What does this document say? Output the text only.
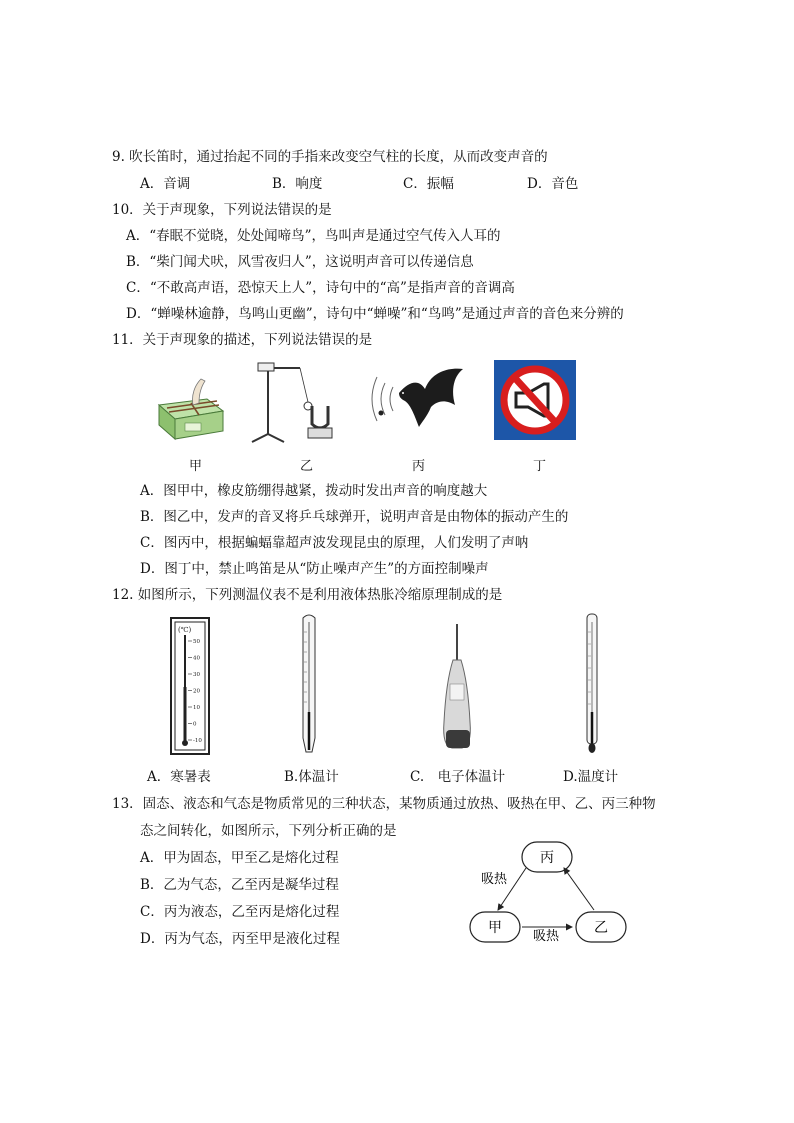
9. 吹长笛时，通过抬起不同的手指来改变空气柱的长度，从而改变声音的
A．音调	B．响度	C．振幅	D．音色
10．关于声现象，下列说法错误的是
A．“春眠不觉晓，处处闻啼鸟”，鸟叫声是通过空气传入人耳的
B．“柴门闻犬吠，风雪夜归人”，这说明声音可以传递信息
C．“不敢高声语，恐惊天上人”，诗句中的“高”是指声音的音调高
D．“蝉噪林逾静，鸟鸣山更幽”，诗句中“蝉噪”和“鸟鸣”是通过声音的音色来分辨的
11．关于声现象的描述，下列说法错误的是
甲	乙	丙	丁
A．图甲中，橡皮筋绷得越紧，拨动时发出声音的响度越大
B．图乙中，发声的音叉将乒乓球弹开，说明声音是由物体的振动产生的
C．图丙中，根据蝙蝠靠超声波发现昆虫的原理，人们发明了声呐
D．图丁中，禁止鸣笛是从“防止噪声产生”的方面控制噪声
12. 如图所示，下列测温仪表不是利用液体热胀冷缩原理制成的是
(℃)
50
40
30
20
10
0
-10
A．寒暑表	B.体温计	C.　电子体温计	D.温度计
13．固态、液态和气态是物质常见的三种状态，某物质通过放热、吸热在甲、乙、丙三种物
态之间转化，如图所示，下列分析正确的是
A．甲为固态，甲至乙是熔化过程
B．乙为气态，乙至丙是凝华过程
C．丙为液态，乙至丙是熔化过程
D．丙为气态，丙至甲是液化过程
丙
甲	乙
吸热
吸热
